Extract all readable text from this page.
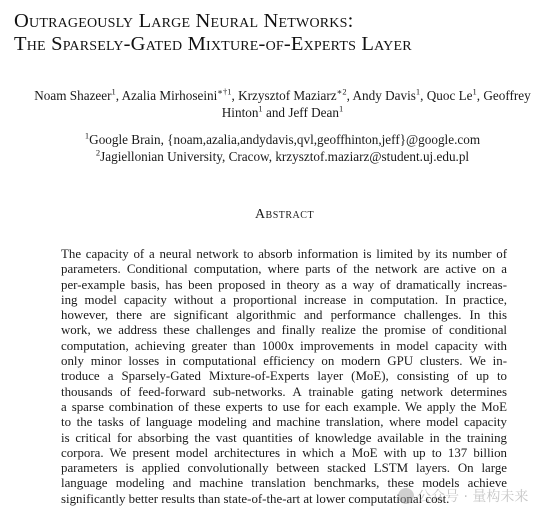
Outrageously Large Neural Networks:
The Sparsely-Gated Mixture-of-Experts Layer
Noam Shazeer$^1$, Azalia Mirhoseini$^{∗\dagger 1}$, Krzysztof Maziarz$^{∗2}$, Andy Davis$^1$, Quoc Le$^1$, Geoffrey
Hinton$^1$ and Jeff Dean$^1$
$^1$Google Brain, {noam,azalia,andydavis,qvl,geoffhinton,jeff}@google.com
$^2$Jagiellonian University, Cracow, krzysztof.maziarz@student.uj.edu.pl
Abstract
The capacity of a neural network to absorb information is limited by its number of
parameters. Conditional computation, where parts of the network are active on a
per-example basis, has been proposed in theory as a way of dramatically increas-
ing model capacity without a proportional increase in computation. In practice,
however, there are significant algorithmic and performance challenges. In this
work, we address these challenges and finally realize the promise of conditional
computation, achieving greater than 1000x improvements in model capacity with
only minor losses in computational efficiency on modern GPU clusters. We in-
troduce a Sparsely-Gated Mixture-of-Experts layer (MoE), consisting of up to
thousands of feed-forward sub-networks. A trainable gating network determines
a sparse combination of these experts to use for each example. We apply the MoE
to the tasks of language modeling and machine translation, where model capacity
is critical for absorbing the vast quantities of knowledge available in the training
corpora. We present model architectures in which a MoE with up to 137 billion
parameters is applied convolutionally between stacked LSTM layers. On large
language modeling and machine translation benchmarks, these models achieve
significantly better results than state-of-the-art at lower computational cost.
公众号 · 量构未来
